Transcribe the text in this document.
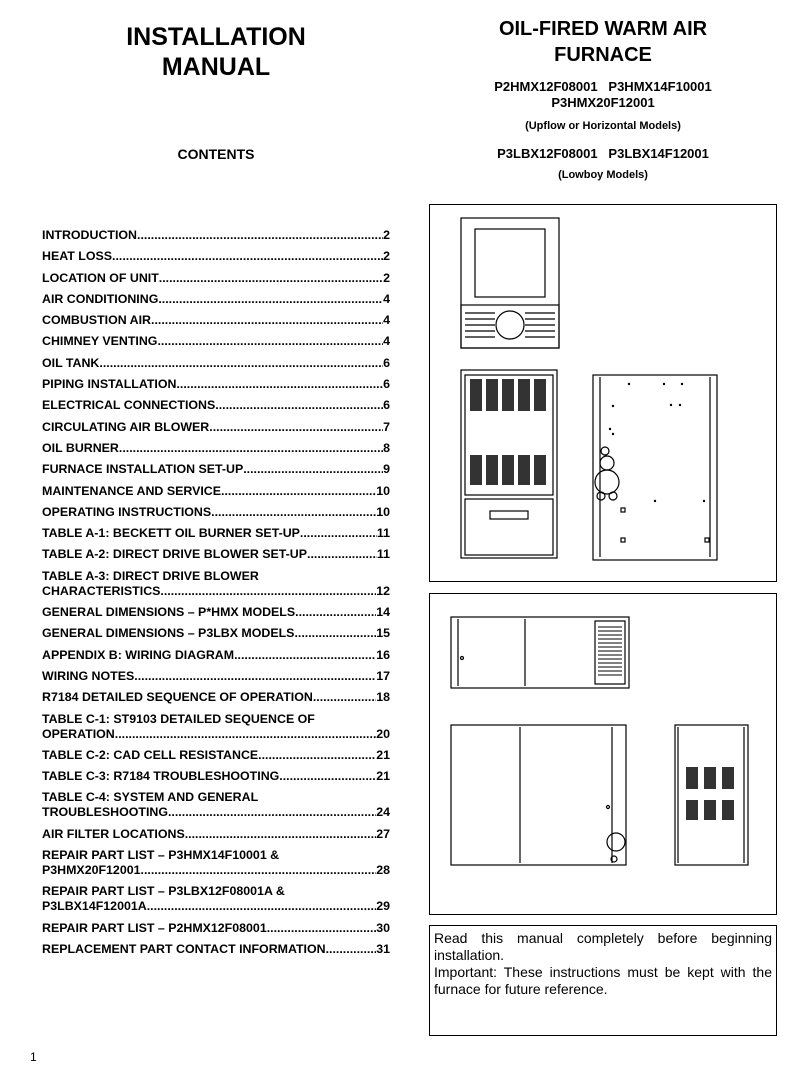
INSTALLATION
MANUAL
CONTENTS
OIL-FIRED WARM AIR
FURNACE
P2HMX12F08001   P3HMX14F10001
P3HMX20F12001
(Upflow or Horizontal Models)
P3LBX12F08001   P3LBX14F12001
(Lowboy Models)
INTRODUCTION .....	2
HEAT LOSS .....	2
LOCATION OF UNIT .....	2
AIR CONDITIONING .....	4
COMBUSTION AIR .....	4
CHIMNEY VENTING .....	4
OIL TANK .....	6
PIPING INSTALLATION .....	6
ELECTRICAL CONNECTIONS .....	6
CIRCULATING AIR BLOWER .....	7
OIL BURNER .....	8
FURNACE INSTALLATION SET-UP .....	9
MAINTENANCE AND SERVICE .....	10
OPERATING INSTRUCTIONS .....	10
TABLE A-1: BECKETT OIL BURNER SET-UP .....	11
TABLE A-2: DIRECT DRIVE BLOWER SET-UP .....	11
TABLE A-3: DIRECT DRIVE BLOWER
CHARACTERISTICS .....	12
GENERAL DIMENSIONS – P*HMX MODELS .....	14
GENERAL DIMENSIONS – P3LBX MODELS .....	15
APPENDIX B: WIRING DIAGRAM .....	16
WIRING NOTES .....	17
R7184 DETAILED SEQUENCE OF OPERATION .....	18
TABLE C-1: ST9103 DETAILED SEQUENCE OF
OPERATION .....	20
TABLE C-2: CAD CELL RESISTANCE .....	21
TABLE C-3: R7184 TROUBLESHOOTING .....	21
TABLE C-4: SYSTEM AND GENERAL
TROUBLESHOOTING .....	24
AIR FILTER LOCATIONS .....	27
REPAIR PART LIST – P3HMX14F10001 &
P3HMX20F12001 .....	28
REPAIR PART LIST – P3LBX12F08001A &
P3LBX14F12001A .....	29
REPAIR PART LIST – P2HMX12F08001 .....	30
REPLACEMENT PART CONTACT INFORMATION .....	31

Read this manual completely before beginning installation.

Important: These instructions must be kept with the furnace for future reference.

1
